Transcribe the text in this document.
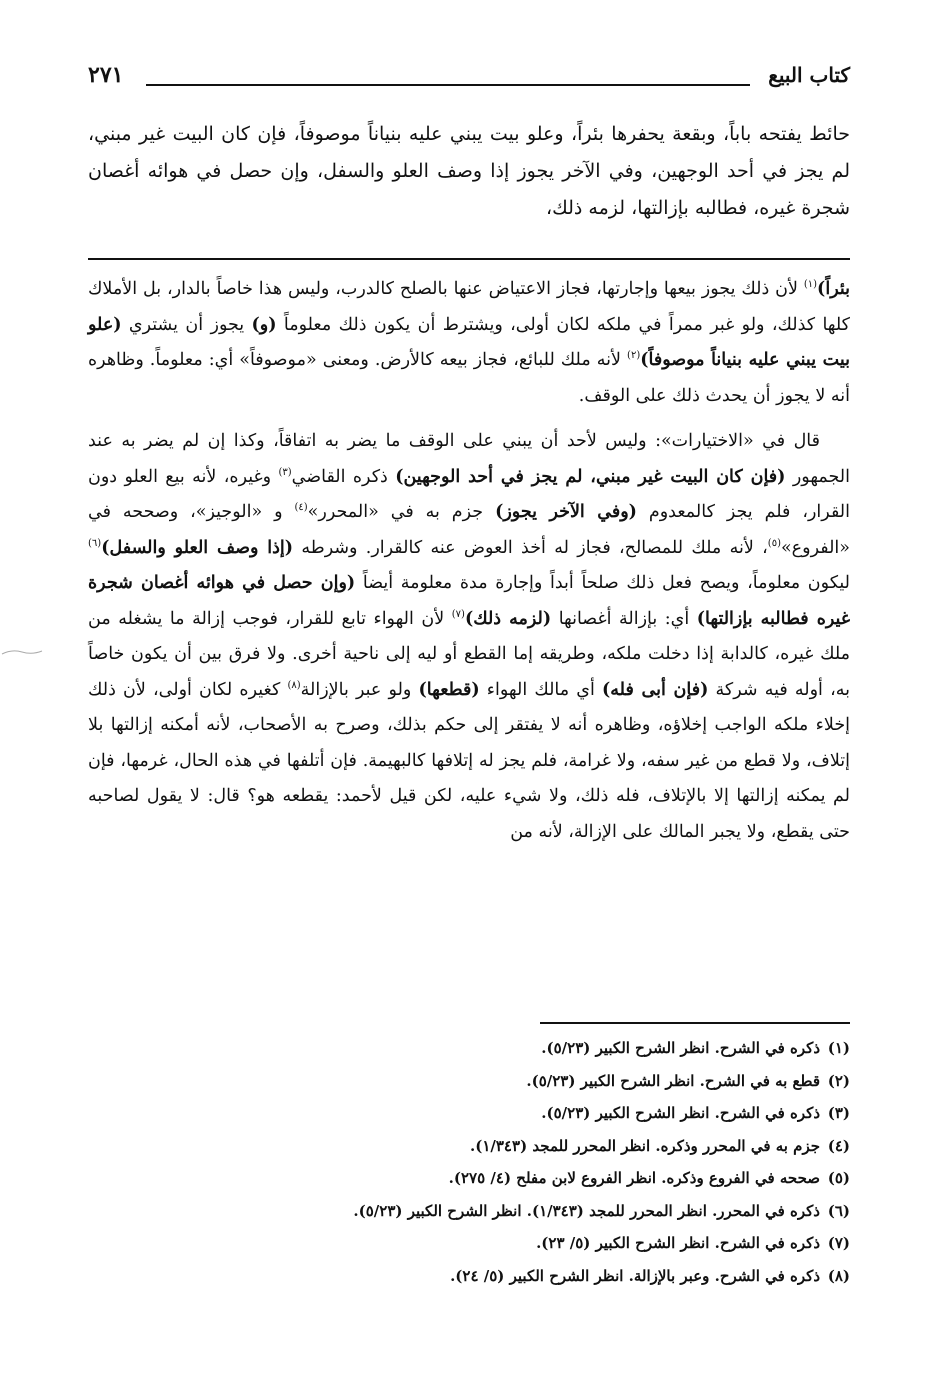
كتاب البيع
٢٧١

حائط يفتحه باباً، وبقعة يحفرها بئراً، وعلو بيت يبني عليه بنياناً موصوفاً، فإن كان البيت غير مبني، لم يجز في أحد الوجهين، وفي الآخر يجوز إذا وصف العلو والسفل، وإن حصل في هوائه أغصان شجرة غيره، فطالبه بإزالتها، لزمه ذلك،

بئراً)$^{(١)}$ لأن ذلك يجوز بيعها وإجارتها، فجاز الاعتياض عنها بالصلح كالدرب، وليس هذا خاصاً بالدار، بل الأملاك كلها كذلك، ولو غبر ممراً في ملكه لكان أولى، ويشترط أن يكون ذلك معلوماً (و) يجوز أن يشتري (علو بيت يبني عليه بنياناً موصوفاً)$^{(٢)}$ لأنه ملك للبائع، فجاز بيعه كالأرض. ومعنى «موصوفاً» أي: معلوماً. وظاهره أنه لا يجوز أن يحدث ذلك على الوقف.

قال في «الاختيارات»: وليس لأحد أن يبني على الوقف ما يضر به اتفاقاً، وكذا إن لم يضر به عند الجمهور (فإن كان البيت غير مبني، لم يجز في أحد الوجهين) ذكره القاضي$^{(٣)}$ وغيره، لأنه بيع العلو دون القرار، فلم يجز كالمعدوم (وفي الآخر يجوز) جزم به في «المحرر»$^{(٤)}$ و «الوجيز»، وصححه في «الفروع»$^{(٥)}$، لأنه ملك للمصالح، فجاز له أخذ العوض عنه كالقرار. وشرطه (إذا وصف العلو والسفل)$^{(٦)}$ ليكون معلوماً، ويصح فعل ذلك صلحاً أبداً وإجارة مدة معلومة أيضاً (وإن حصل في هوائه أغصان شجرة غيره فطالبه بإزالتها) أي: بإزالة أغصانها (لزمه ذلك)$^{(٧)}$ لأن الهواء تابع للقرار، فوجب إزالة ما يشغله من ملك غيره، كالدابة إذا دخلت ملكه، وطريقه إما القطع أو ليه إلى ناحية أخرى. ولا فرق بين أن يكون خاصاً به، أوله فيه شركة (فإن أبى فله) أي مالك الهواء (قطعها) ولو عبر بالإزالة$^{(٨)}$ كغيره لكان أولى، لأن ذلك إخلاء ملكه الواجب إخلاؤه، وظاهره أنه لا يفتقر إلى حكم بذلك، وصرح به الأصحاب، لأنه أمكنه إزالتها بلا إتلاف، ولا قطع من غير سفه، ولا غرامة، فلم يجز له إتلافها كالبهيمة. فإن أتلفها في هذه الحال، غرمها، فإن لم يمكنه إزالتها إلا بالإتلاف، فله ذلك، ولا شيء عليه، لكن قيل لأحمد: يقطعه هو؟ قال: لا يقول لصاحبه حتى يقطع، ولا يجبر المالك على الإزالة، لأنه من

(١)ذكره في الشرح. انظر الشرح الكبير (٥/٢٣).
(٢)قطع به في الشرح. انظر الشرح الكبير (٥/٢٣).
(٣)ذكره في الشرح. انظر الشرح الكبير (٥/٢٣).
(٤)جزم به في المحرر وذكره. انظر المحرر للمجد (١/٣٤٣).
(٥)صححه في الفروع وذكره. انظر الفروع لابن مفلح (٤/ ٢٧٥).
(٦)ذكره في المحرر. انظر المحرر للمجد (١/٣٤٣). انظر الشرح الكبير (٥/٢٣).
(٧)ذكره في الشرح. انظر الشرح الكبير (٥/ ٢٣).
(٨)ذكره في الشرح. وعبر بالإزالة. انظر الشرح الكبير (٥/ ٢٤).
